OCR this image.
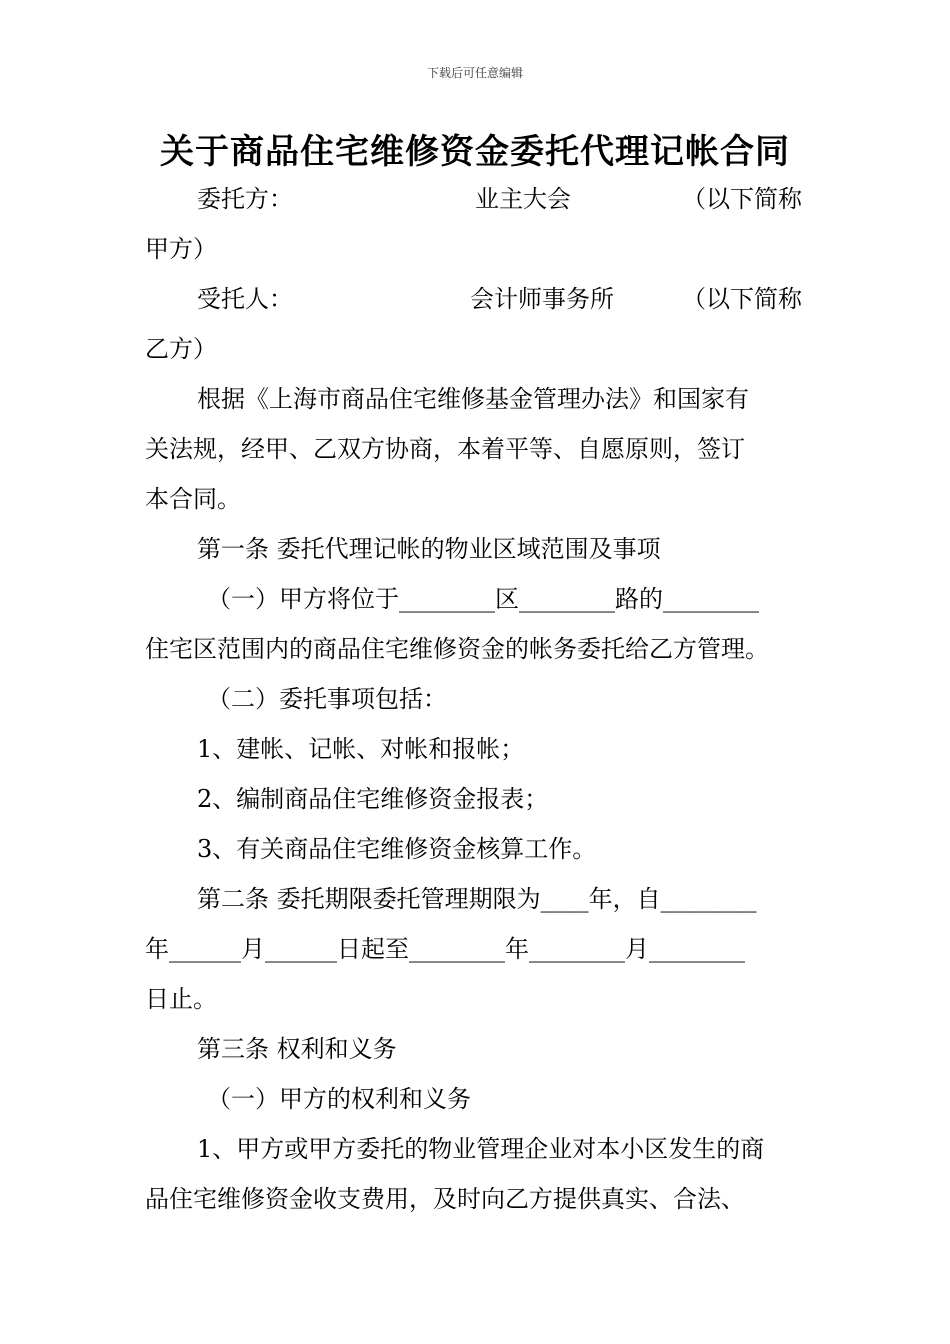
下载后可任意编辑
关于商品住宅维修资金委托代理记帐合同
委托方：	业主大会	（以下简称
甲方）
受托人：	会计师事务所	（以下简称
乙方）
根据《上海市商品住宅维修基金管理办法》和国家有
关法规，经甲、乙双方协商，本着平等、自愿原则，签订
本合同。
第一条 委托代理记帐的物业区域范围及事项
（一）甲方将位于________区________路的________
住宅区范围内的商品住宅维修资金的帐务委托给乙方管理。
（二）委托事项包括：
1、建帐、记帐、对帐和报帐；
2、编制商品住宅维修资金报表；
3、有关商品住宅维修资金核算工作。
第二条 委托期限委托管理期限为____年，自________
年______月______日起至________年________月________
日止。
第三条 权利和义务
（一）甲方的权利和义务
1、甲方或甲方委托的物业管理企业对本小区发生的商
品住宅维修资金收支费用，及时向乙方提供真实、合法、
